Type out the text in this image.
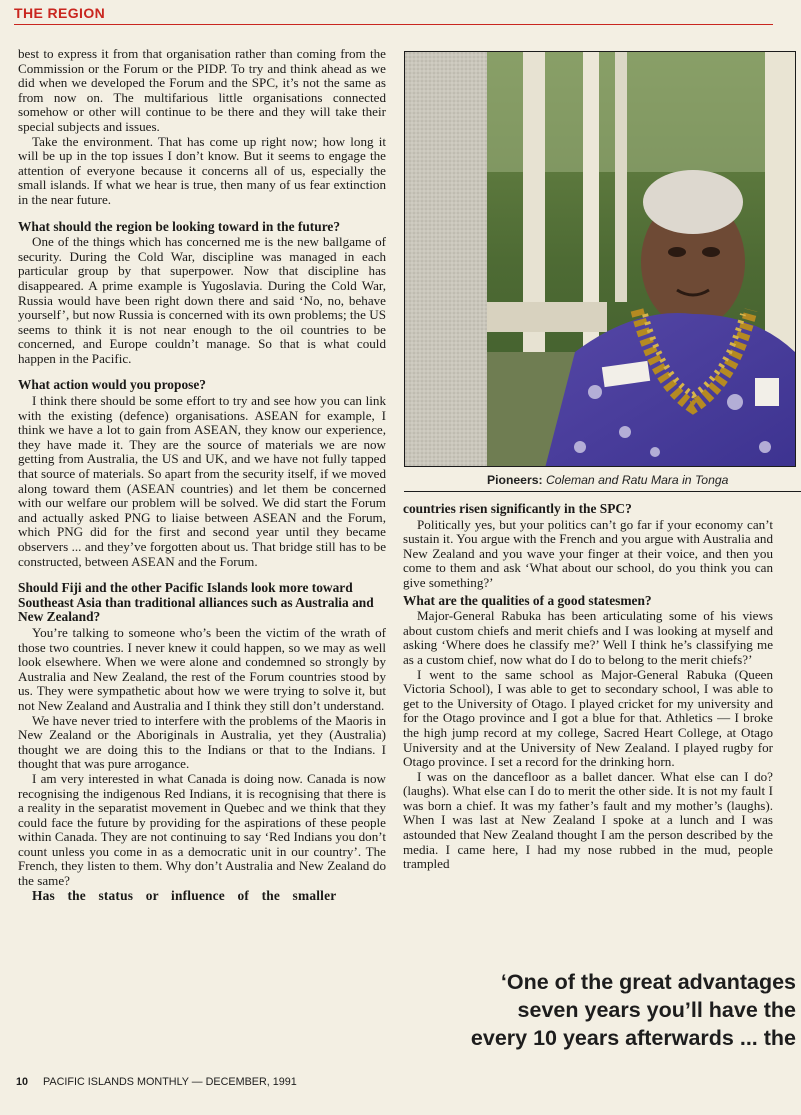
THE REGION

best to express it from that organisation rather than coming from the Commission or the Forum or the PIDP. To try and think ahead as we did when we developed the Forum and the SPC, it’s not the same as from now on. The multifarious little organisations connected somehow or other will continue to be there and they will take their special subjects and issues.

Take the environment. That has come up right now; how long it will be up in the top issues I don’t know. But it seems to engage the attention of everyone because it concerns all of us, especially the small islands. If what we hear is true, then many of us fear extinction in the near future.

What should the region be looking toward in the future?

One of the things which has concerned me is the new ballgame of security. During the Cold War, discipline was managed in each particular group by that superpower. Now that discipline has disappeared. A prime example is Yugoslavia. During the Cold War, Russia would have been right down there and said ‘No, no, behave yourself’, but now Russia is concerned with its own problems; the US seems to think it is not near enough to the oil countries to be concerned, and Europe couldn’t manage. So that is what could happen in the Pacific.

What action would you propose?

I think there should be some effort to try and see how you can link with the existing (defence) organisations. ASEAN for example, I think we have a lot to gain from ASEAN, they know our experience, they have made it. They are the source of materials we are now getting from Australia, the US and UK, and we have not fully tapped that source of materials. So apart from the security itself, if we moved along toward them (ASEAN countries) and let them be concerned with our welfare our problem will be solved. We did start the Forum and actually asked PNG to liaise between ASEAN and the Forum, which PNG did for the first and second year until they became observers ... and they’ve forgotten about us. That bridge still has to be constructed, between ASEAN and the Forum.

Should Fiji and the other Pacific Islands look more toward Southeast Asia than traditional alliances such as Australia and New Zealand?

You’re talking to someone who’s been the victim of the wrath of those two countries. I never knew it could happen, so we may as well look elsewhere. When we were alone and condemned so strongly by Australia and New Zealand, the rest of the Forum countries stood by us. They were sympathetic about how we were trying to solve it, but not New Zealand and Australia and I think they still don’t understand.

We have never tried to interfere with the problems of the Maoris in New Zealand or the Aboriginals in Australia, yet they (Australia) thought we are doing this to the Indians or that to the Indians. I thought that was pure arrogance.

I am very interested in what Canada is doing now. Canada is now recognising the indigenous Red Indians, it is recognising that there is a reality in the separatist movement in Quebec and we think that they could face the future by providing for the aspirations of these people within Canada. They are not continuing to say ‘Red Indians you don’t count unless you come in as a democratic unit in our country’. The French, they listen to them. Why don’t Australia and New Zealand do the same?

Has the status or influence of the smaller
Pioneers: Coleman and Ratu Mara in Tonga
countries risen significantly in the SPC?

Politically yes, but your politics can’t go far if your economy can’t sustain it. You argue with the French and you argue with Australia and New Zealand and you wave your finger at their voice, and then you come to them and ask ‘What about our school, do you think you can give something?’

What are the qualities of a good statesmen?

Major-General Rabuka has been articulating some of his views about custom chiefs and merit chiefs and I was looking at myself and asking ‘Where does he classify me?’ Well I think he’s classifying me as a custom chief, now what do I do to belong to the merit chiefs?’

I went to the same school as Major-General Rabuka (Queen Victoria School), I was able to get to secondary school, I was able to get to the University of Otago. I played cricket for my university and for the Otago province and I got a blue for that. Athletics — I broke the high jump record at my college, Sacred Heart College, at Otago University and at the University of New Zealand. I played rugby for Otago province. I set a record for the drinking horn.

I was on the dancefloor as a ballet dancer. What else can I do? (laughs). What else can I do to merit the other side. It is not my fault I was born a chief. It was my father’s fault and my mother’s (laughs). When I was last at New Zealand I spoke at a lunch and I was astounded that New Zealand thought I am the person described by the media. I came here, I had my nose rubbed in the mud, people trampled

‘One of the great advantages
seven years you’ll have the
every 10 years afterwards ... the
10 PACIFIC ISLANDS MONTHLY — DECEMBER, 1991
